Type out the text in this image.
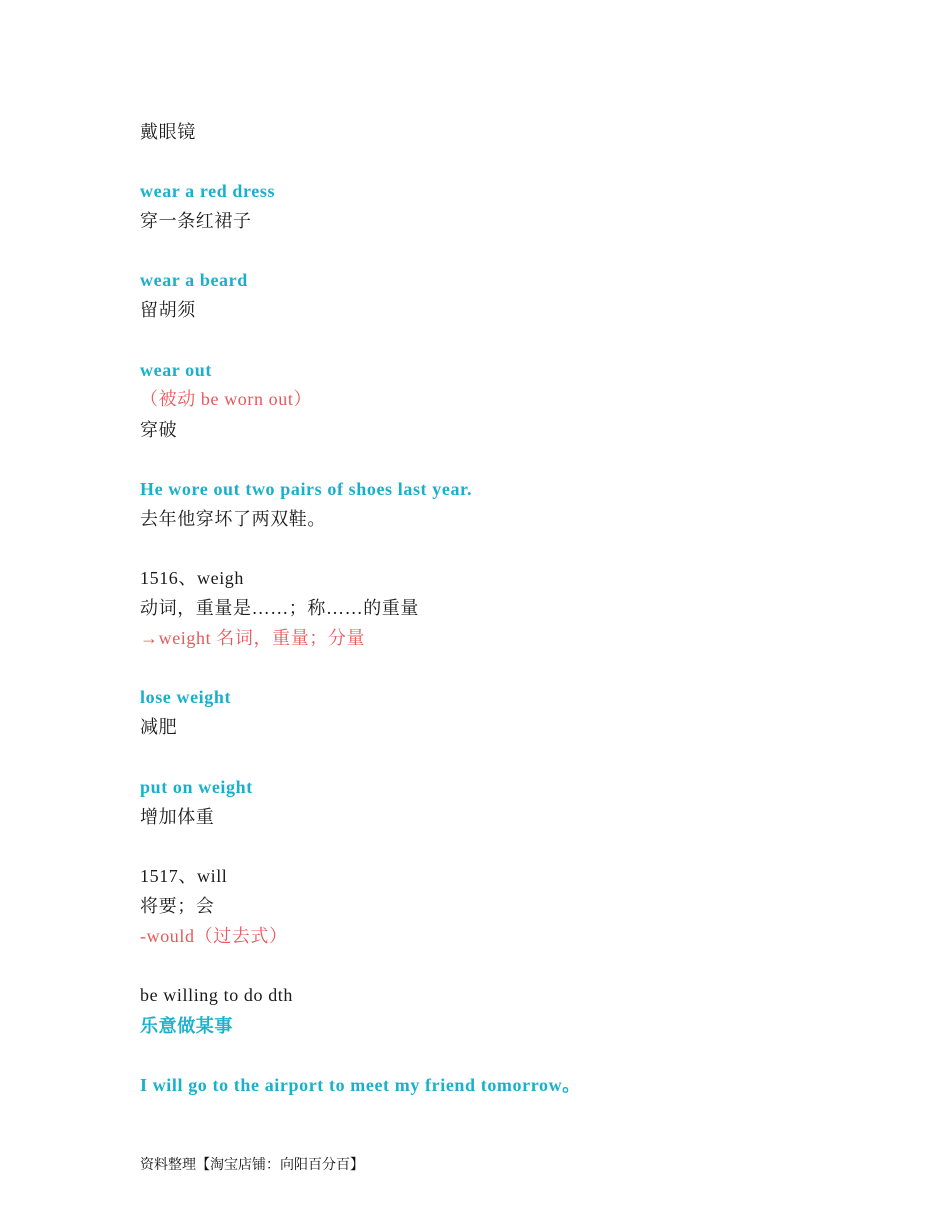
戴眼镜
wear a red dress
穿一条红裙子
wear a beard
留胡须
wear out
（被动 be worn out）
穿破
He wore out two pairs of shoes last year.
去年他穿坏了两双鞋。
1516、weigh
动词，重量是……；称……的重量
→weight 名词，重量；分量
lose weight
减肥
put on weight
增加体重
1517、will
将要；会
-would（过去式）
be willing to do dth
乐意做某事
I will go to the airport to meet my friend tomorrow。
资料整理【淘宝店铺：向阳百分百】
